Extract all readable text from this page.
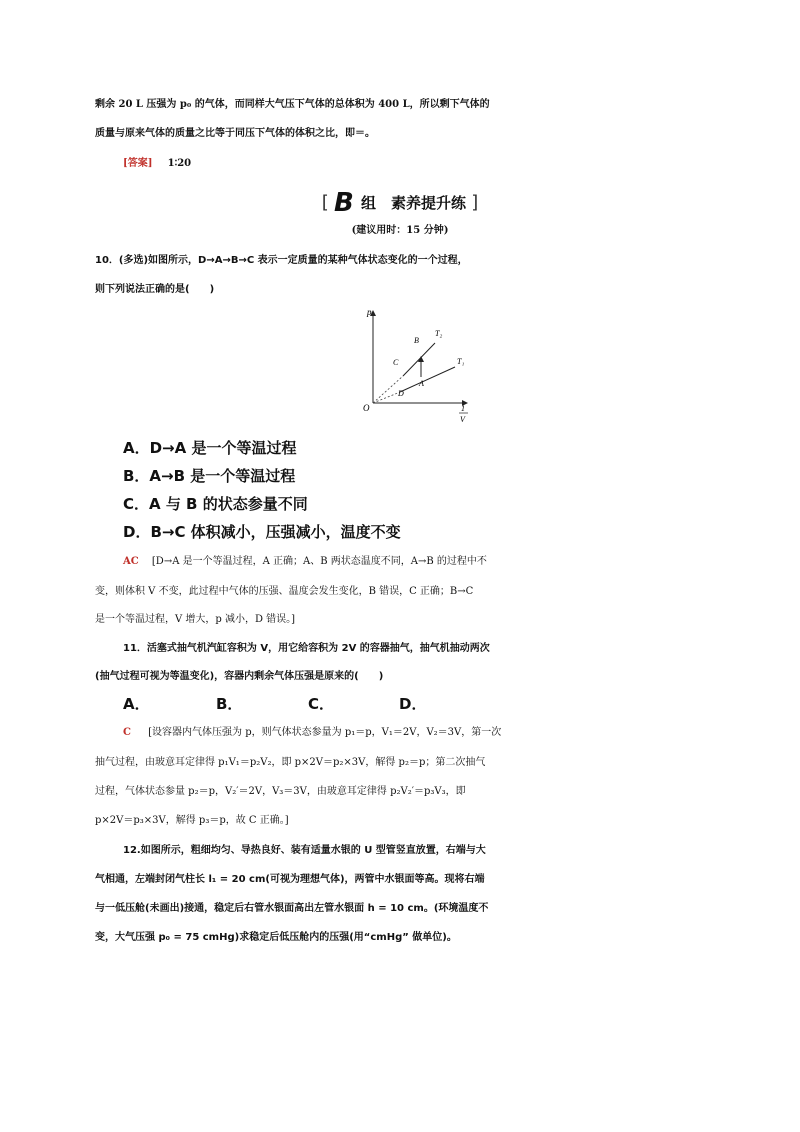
剩余 20 L 压强为 p₀ 的气体，而同样大气压下气体的总体积为 400 L，所以剩下气体的
质量与原来气体的质量之比等于同压下气体的体积之比，即＝。
[答案] 1∶20
[ B 组　素养提升练 ]
(建议用时：15 分钟)
10．(多选)如图所示，D→A→B→C 表示一定质量的某种气体状态变化的一个过程，
则下列说法正确的是(　　)
p
O	1
V
T₂
T₁
B
C
A
D
A．D→A 是一个等温过程
B．A→B 是一个等温过程
C．A 与 B 的状态参量不同
D．B→C 体积减小，压强减小，温度不变
AC [D→A 是一个等温过程，A 正确；A、B 两状态温度不同，A→B 的过程中不
变，则体积 V 不变，此过程中气体的压强、温度会发生变化，B 错误，C 正确；B→C
是一个等温过程，V 增大，p 减小，D 错误。]
11．活塞式抽气机汽缸容积为 V，用它给容积为 2V 的容器抽气，抽气机抽动两次
(抽气过程可视为等温变化)，容器内剩余气体压强是原来的(　　)
A．	B．	C．	D．
C [设容器内气体压强为 p，则气体状态参量为 p₁＝p，V₁＝2V，V₂＝3V，第一次
抽气过程，由玻意耳定律得 p₁V₁＝p₂V₂，即 p×2V＝p₂×3V，解得 p₂＝p；第二次抽气
过程，气体状态参量 p₂＝p，V₂′＝2V，V₃＝3V，由玻意耳定律得 p₂V₂′＝p₃V₃，即
p×2V＝p₃×3V，解得 p₃＝p，故 C 正确。]
12.如图所示，粗细均匀、导热良好、装有适量水银的 U 型管竖直放置，右端与大
气相通，左端封闭气柱长 l₁ = 20 cm(可视为理想气体)，两管中水银面等高。现将右端
与一低压舱(未画出)接通，稳定后右管水银面高出左管水银面 h = 10 cm。(环境温度不
变，大气压强 p₀ = 75 cmHg)求稳定后低压舱内的压强(用“cmHg” 做单位)。
